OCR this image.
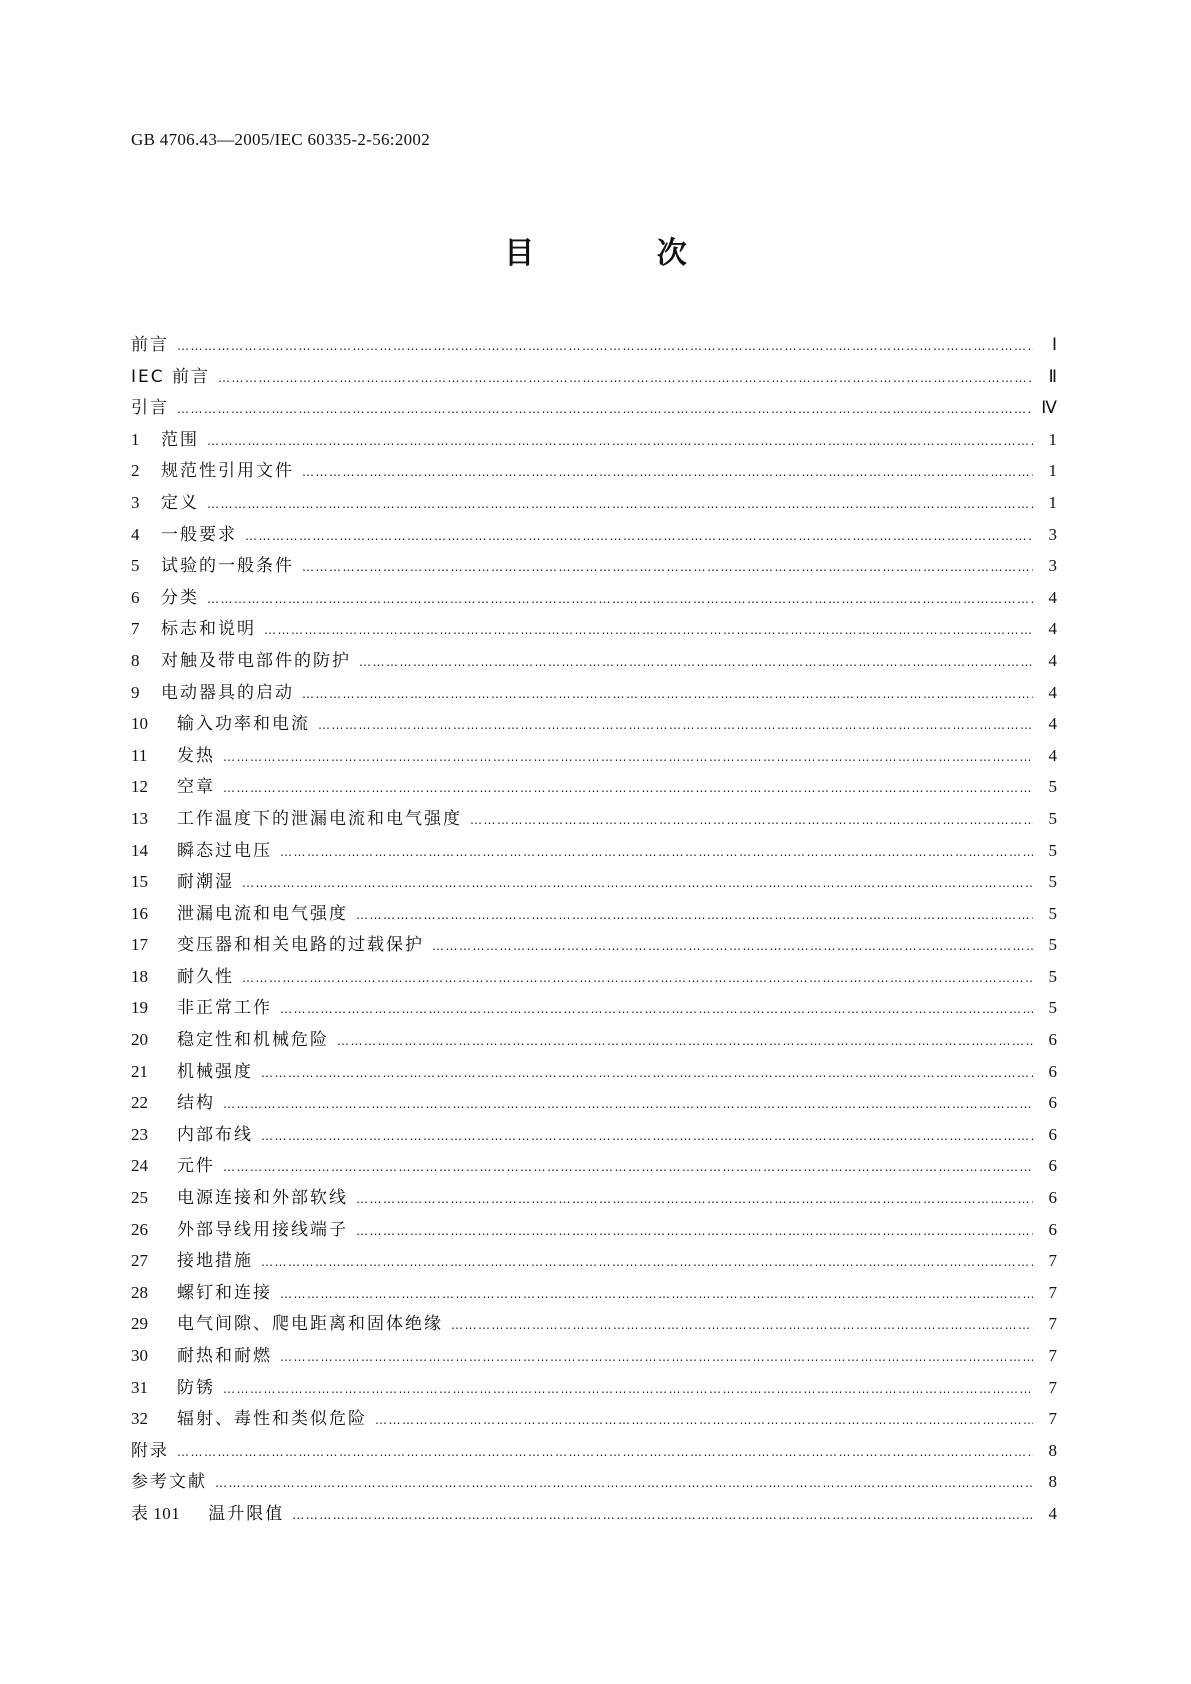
GB 4706.43—2005/IEC 60335-2-56:2002
目 次
前言 …………………………………………………………………………………………………………………………………………………………………………………………………………………………	Ⅰ
IEC 前言 …………………………………………………………………………………………………………………………………………………………………………………………………………………………	Ⅱ
引言 …………………………………………………………………………………………………………………………………………………………………………………………………………………………	Ⅳ
1	范围 …………………………………………………………………………………………………………………………………………………………………………………………………………………………	1
2	规范性引用文件 …………………………………………………………………………………………………………………………………………………………………………………………………………………………	1
3	定义 …………………………………………………………………………………………………………………………………………………………………………………………………………………………	1
4	一般要求 …………………………………………………………………………………………………………………………………………………………………………………………………………………………	3
5	试验的一般条件 …………………………………………………………………………………………………………………………………………………………………………………………………………………………	3
6	分类 …………………………………………………………………………………………………………………………………………………………………………………………………………………………	4
7	标志和说明 …………………………………………………………………………………………………………………………………………………………………………………………………………………………	4
8	对触及带电部件的防护 …………………………………………………………………………………………………………………………………………………………………………………………………………………………	4
9	电动器具的启动 …………………………………………………………………………………………………………………………………………………………………………………………………………………………	4
10	输入功率和电流 …………………………………………………………………………………………………………………………………………………………………………………………………………………………	4
11	发热 …………………………………………………………………………………………………………………………………………………………………………………………………………………………	4
12	空章 …………………………………………………………………………………………………………………………………………………………………………………………………………………………	5
13	工作温度下的泄漏电流和电气强度 …………………………………………………………………………………………………………………………………………………………………………………………………………………………	5
14	瞬态过电压 …………………………………………………………………………………………………………………………………………………………………………………………………………………………	5
15	耐潮湿 …………………………………………………………………………………………………………………………………………………………………………………………………………………………	5
16	泄漏电流和电气强度 …………………………………………………………………………………………………………………………………………………………………………………………………………………………	5
17	变压器和相关电路的过载保护 …………………………………………………………………………………………………………………………………………………………………………………………………………………………	5
18	耐久性 …………………………………………………………………………………………………………………………………………………………………………………………………………………………	5
19	非正常工作 …………………………………………………………………………………………………………………………………………………………………………………………………………………………	5
20	稳定性和机械危险 …………………………………………………………………………………………………………………………………………………………………………………………………………………………	6
21	机械强度 …………………………………………………………………………………………………………………………………………………………………………………………………………………………	6
22	结构 …………………………………………………………………………………………………………………………………………………………………………………………………………………………	6
23	内部布线 …………………………………………………………………………………………………………………………………………………………………………………………………………………………	6
24	元件 …………………………………………………………………………………………………………………………………………………………………………………………………………………………	6
25	电源连接和外部软线 …………………………………………………………………………………………………………………………………………………………………………………………………………………………	6
26	外部导线用接线端子 …………………………………………………………………………………………………………………………………………………………………………………………………………………………	6
27	接地措施 …………………………………………………………………………………………………………………………………………………………………………………………………………………………	7
28	螺钉和连接 …………………………………………………………………………………………………………………………………………………………………………………………………………………………	7
29	电气间隙、爬电距离和固体绝缘 …………………………………………………………………………………………………………………………………………………………………………………………………………………………	7
30	耐热和耐燃 …………………………………………………………………………………………………………………………………………………………………………………………………………………………	7
31	防锈 …………………………………………………………………………………………………………………………………………………………………………………………………………………………	7
32	辐射、毒性和类似危险 …………………………………………………………………………………………………………………………………………………………………………………………………………………………	7
附录 …………………………………………………………………………………………………………………………………………………………………………………………………………………………	8
参考文献 …………………………………………………………………………………………………………………………………………………………………………………………………………………………	8
表 101 温升限值 …………………………………………………………………………………………………………………………………………………………………………………………………………………………	4
